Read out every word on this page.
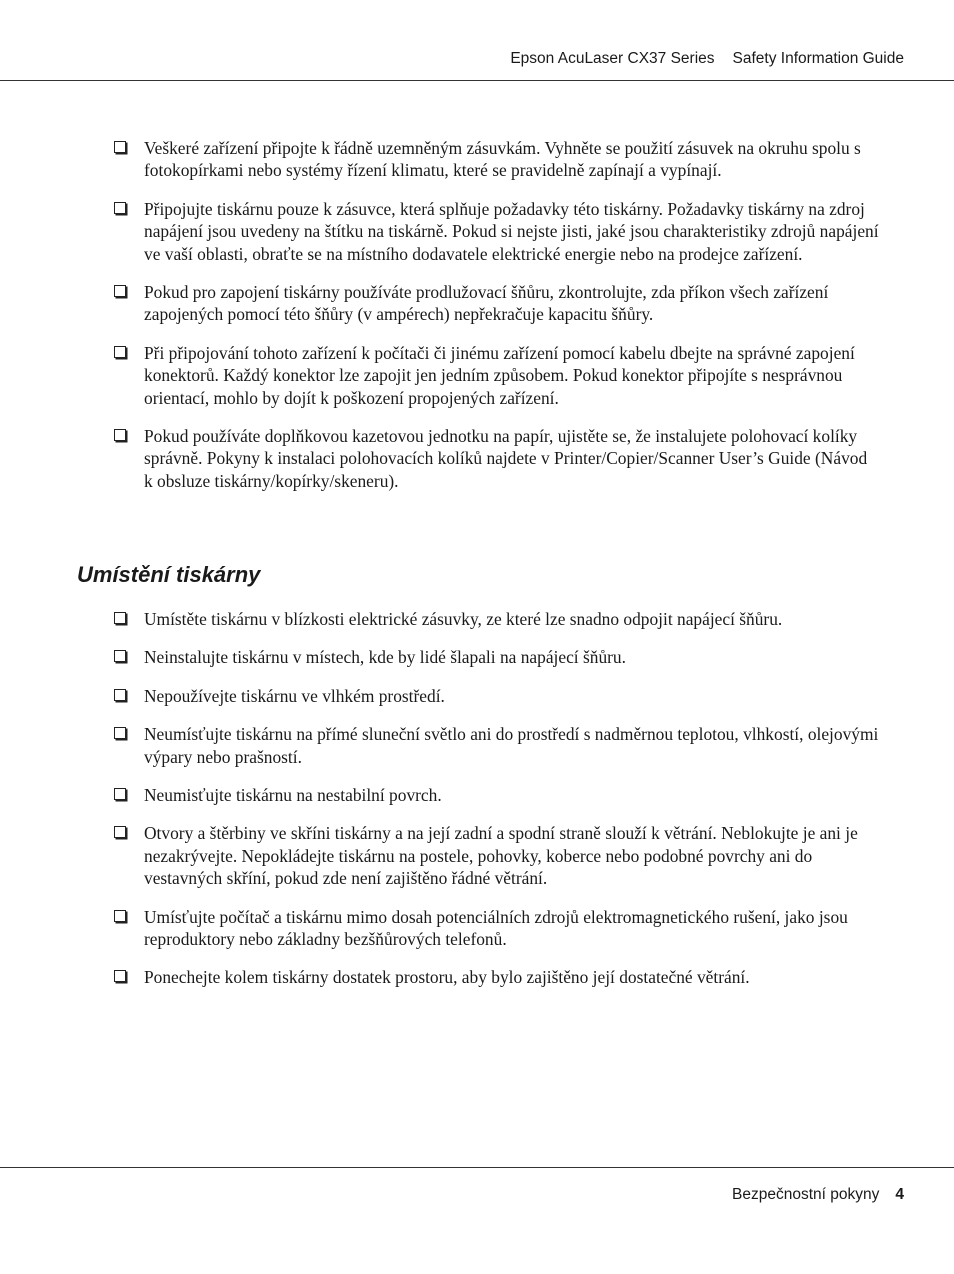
Epson AcuLaser CX37 Series Safety Information Guide
Veškeré zařízení připojte k řádně uzemněným zásuvkám. Vyhněte se použití zásuvek na okruhu spolu s fotokopírkami nebo systémy řízení klimatu, které se pravidelně zapínají a vypínají.
Připojujte tiskárnu pouze k zásuvce, která splňuje požadavky této tiskárny. Požadavky tiskárny na zdroj napájení jsou uvedeny na štítku na tiskárně. Pokud si nejste jisti, jaké jsou charakteristiky zdrojů napájení ve vaší oblasti, obraťte se na místního dodavatele elektrické energie nebo na prodejce zařízení.
Pokud pro zapojení tiskárny používáte prodlužovací šňůru, zkontrolujte, zda příkon všech zařízení zapojených pomocí této šňůry (v ampérech) nepřekračuje kapacitu šňůry.
Při připojování tohoto zařízení k počítači či jinému zařízení pomocí kabelu dbejte na správné zapojení konektorů. Každý konektor lze zapojit jen jedním způsobem. Pokud konektor připojíte s nesprávnou orientací, mohlo by dojít k poškození propojených zařízení.
Pokud používáte doplňkovou kazetovou jednotku na papír, ujistěte se, že instalujete polohovací kolíky správně. Pokyny k instalaci polohovacích kolíků najdete v Printer/Copier/Scanner User’s Guide (Návod k obsluze tiskárny/kopírky/skeneru).
Umístění tiskárny
Umístěte tiskárnu v blízkosti elektrické zásuvky, ze které lze snadno odpojit napájecí šňůru.
Neinstalujte tiskárnu v místech, kde by lidé šlapali na napájecí šňůru.
Nepoužívejte tiskárnu ve vlhkém prostředí.
Neumísťujte tiskárnu na přímé sluneční světlo ani do prostředí s nadměrnou teplotou, vlhkostí, olejovými výpary nebo prašností.
Neumisťujte tiskárnu na nestabilní povrch.
Otvory a štěrbiny ve skříni tiskárny a na její zadní a spodní straně slouží k větrání. Neblokujte je ani je nezakrývejte. Nepokládejte tiskárnu na postele, pohovky, koberce nebo podobné povrchy ani do vestavných skříní, pokud zde není zajištěno řádné větrání.
Umísťujte počítač a tiskárnu mimo dosah potenciálních zdrojů elektromagnetického rušení, jako jsou reproduktory nebo základny bezšňůrových telefonů.
Ponechejte kolem tiskárny dostatek prostoru, aby bylo zajištěno její dostatečné větrání.
Bezpečnostní pokyny 4
